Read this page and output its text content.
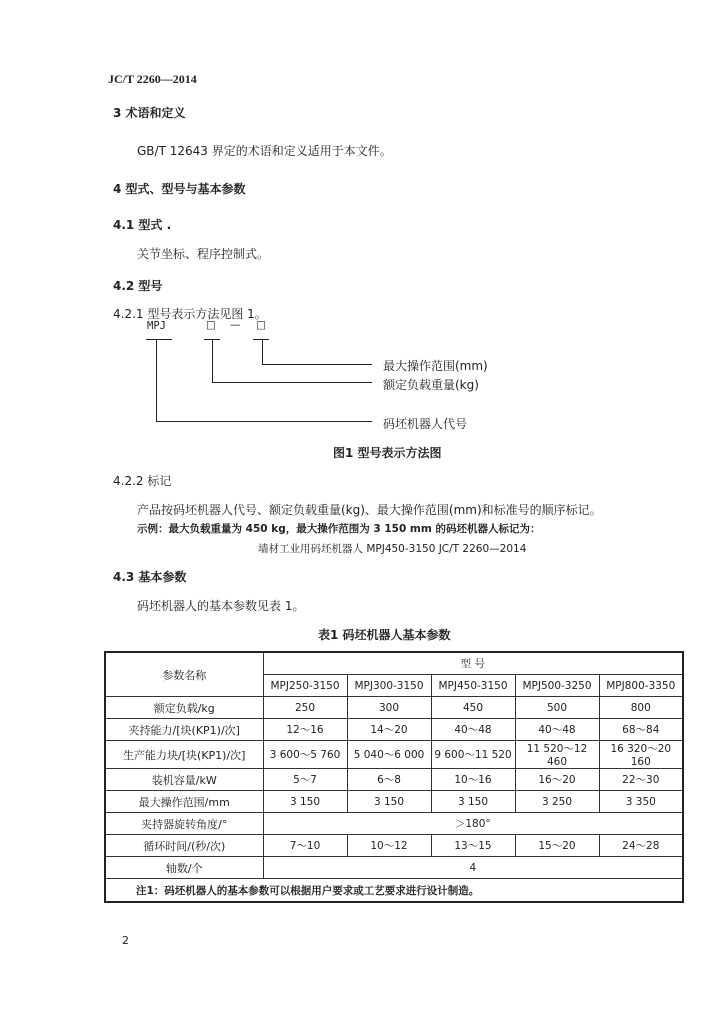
JC/T 2260—2014
3 术语和定义
GB/T 12643 界定的术语和定义适用于本文件。
4 型式、型号与基本参数
4.1 型式 .
关节坐标、程序控制式。
4.2 型号
4.2.1 型号表示方法见图 1。
MPJ	□ — □
最大操作范围(mm)
额定负载重量(kg)
码坯机器人代号
图1 型号表示方法图
4.2.2 标记
产品按码坯机器人代号、额定负载重量(kg)、最大操作范围(mm)和标准号的顺序标记。
示例：最大负载重量为 450 kg，最大操作范围为 3 150 mm 的码坯机器人标记为：
墙材工业用码坯机器人 MPJ450-3150 JC/T 2260—2014
4.3 基本参数
码坯机器人的基本参数见表 1。
表1 码坯机器人基本参数
参数名称	型 号				
	MPJ250-3150	MPJ300-3150	MPJ450-3150	MPJ500-3250	MPJ800-3350
额定负载/kg	250	300	450	500	800
夹持能力/[块(KP1)/次]	12～16	14～20	40～48	40～48	68～84
生产能力块/[块(KP1)/次]	3 600～5 760	5 040～6 000	9 600～11 520	11 520～12 460	16 320～20 160
装机容量/kW	5～7	6～8	10～16	16～20	22～30
最大操作范围/mm	3 150	3 150	3 150	3 250	3 350
夹持器旋转角度/°	＞180°				
循环时间/(秒/次)	7～10	10～12	13～15	15～20	24～28
轴数/个	4				
注1：码坯机器人的基本参数可以根据用户要求或工艺要求进行设计制造。					
2
